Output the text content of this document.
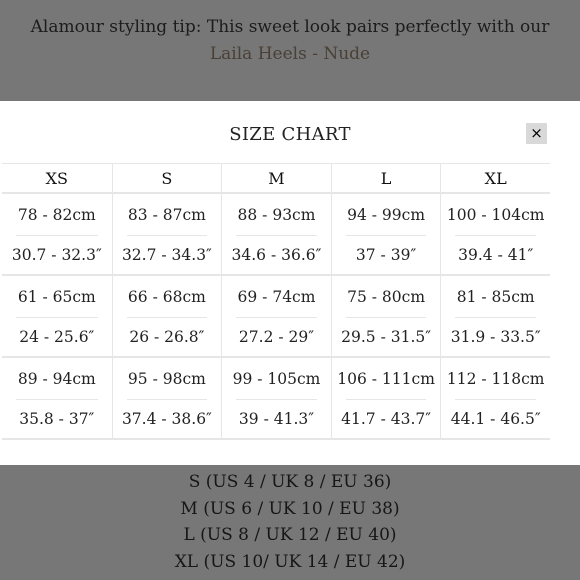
Alamour styling tip: This sweet look pairs perfectly with our Laila Heels - Nude
S (US 4 / UK 8 / EU 36)
M (US 6 / UK 10 / EU 38)
L (US 8 / UK 12 / EU 40)
XL (US 10/ UK 14 / EU 42)
SIZE CHART	×
XS	S	M	L	XL
78 - 82cm	83 - 87cm	88 - 93cm	94 - 99cm	100 - 104cm
30.7 - 32.3″	32.7 - 34.3″	34.6 - 36.6″	37 - 39″	39.4 - 41″
61 - 65cm	66 - 68cm	69 - 74cm	75 - 80cm	81 - 85cm
24 - 25.6″	26 - 26.8″	27.2 - 29″	29.5 - 31.5″	31.9 - 33.5″
89 - 94cm	95 - 98cm	99 - 105cm	106 - 111cm	112 - 118cm
35.8 - 37″	37.4 - 38.6″	39 - 41.3″	41.7 - 43.7″	44.1 - 46.5″
